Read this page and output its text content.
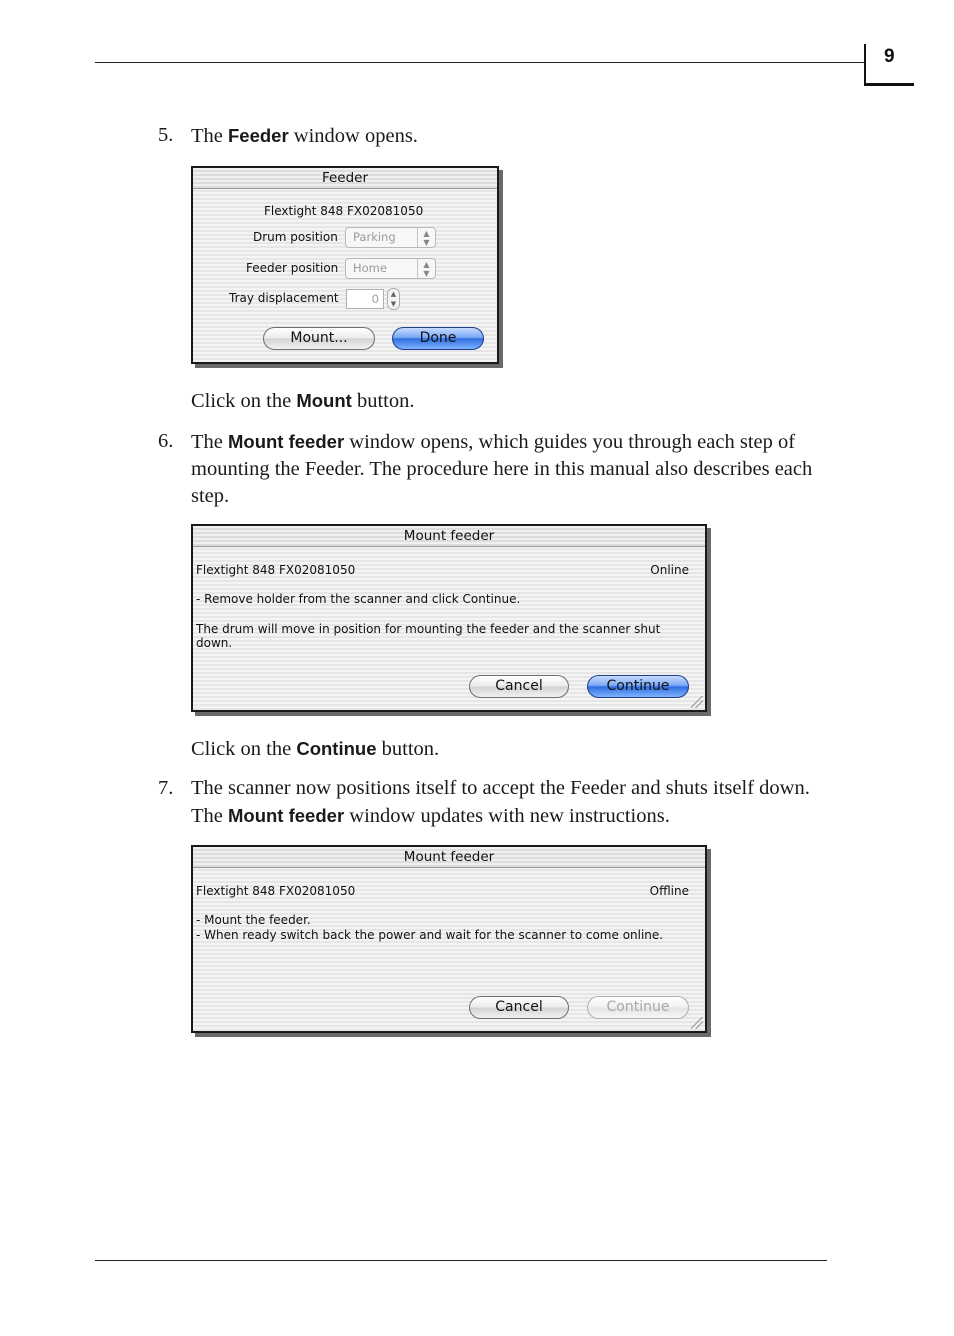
9
5. The Feeder window opens.
Feeder
Flextight 848 FX02081050
Drum position	Parking	▲
▼
Feeder position	Home	▲
▼
Tray displacement	0	▲
▼
Mount...	Done
Click on the Mount button.
6. The Mount feeder window opens, which guides you through each step of mounting the Feeder. The procedure here in this manual also describes each step.
Mount feeder
Flextight 848 FX02081050	Online
- Remove holder from the scanner and click Continue.
The drum will move in position for mounting the feeder and the scanner shut
down.
Cancel	Continue
Click on the Continue button.
7. The scanner now positions itself to accept the Feeder and shuts itself down. The Mount feeder window updates with new instructions.
Mount feeder
Flextight 848 FX02081050	Offline
- Mount the feeder.
- When ready switch back the power and wait for the scanner to come online.
Cancel	Continue
